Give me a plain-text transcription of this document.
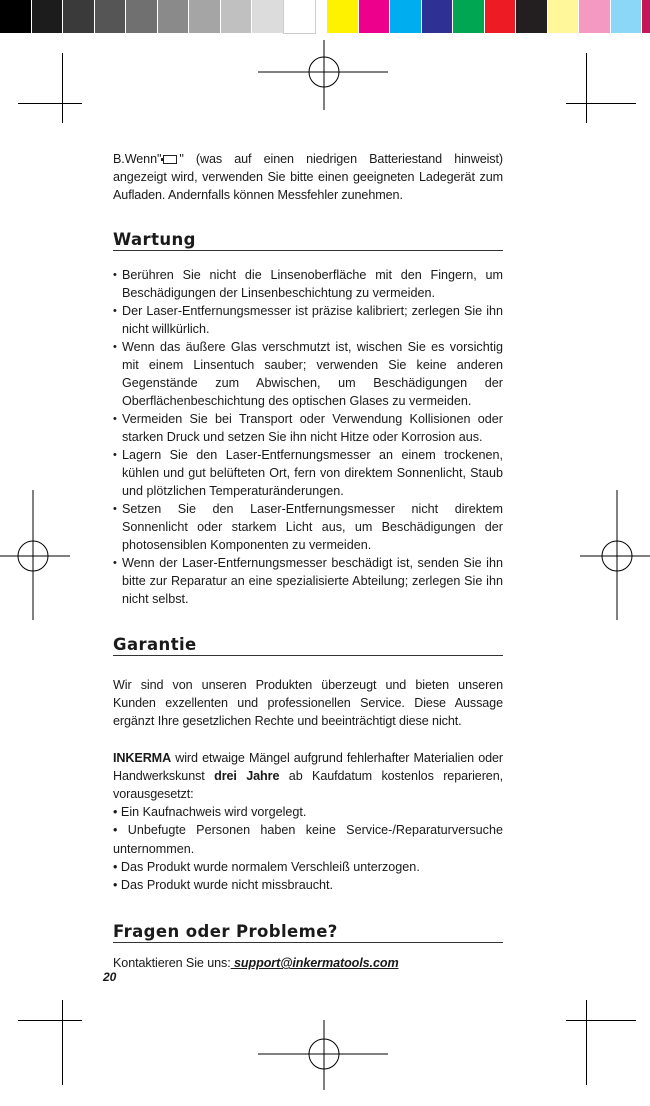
B.Wenn" " (was auf einen niedrigen Batteriestand hinweist) angezeigt wird, verwenden Sie bitte einen geeigneten Ladegerät zum Aufladen. Andernfalls können Messfehler zunehmen.

Wartung
• Berühren Sie nicht die Linsenoberfläche mit den Fingern, um Beschädigungen der Linsenbeschichtung zu vermeiden.
• Der Laser-Entfernungsmesser ist präzise kalibriert; zerlegen Sie ihn nicht willkürlich.
• Wenn das äußere Glas verschmutzt ist, wischen Sie es vorsichtig mit einem Linsentuch sauber; verwenden Sie keine anderen Gegenstände zum Abwischen, um Beschädigungen der Oberflächenbeschichtung des optischen Glases zu vermeiden.
• Vermeiden Sie bei Transport oder Verwendung Kollisionen oder starken Druck und setzen Sie ihn nicht Hitze oder Korrosion aus.
• Lagern Sie den Laser-Entfernungsmesser an einem trockenen, kühlen und gut belüfteten Ort, fern von direktem Sonnenlicht, Staub und plötzlichen Temperaturänderungen.
• Setzen Sie den Laser-Entfernungsmesser nicht direktem Sonnenlicht oder starkem Licht aus, um Beschädigungen der photosensiblen Komponenten zu vermeiden.
• Wenn der Laser-Entfernungsmesser beschädigt ist, senden Sie ihn bitte zur Reparatur an eine spezialisierte Abteilung; zerlegen Sie ihn nicht selbst.
Garantie

Wir sind von unseren Produkten überzeugt und bieten unseren Kunden exzellenten und professionellen Service. Diese Aussage ergänzt Ihre gesetzlichen Rechte und beeinträchtigt diese nicht.

INKERMA wird etwaige Mängel aufgrund fehlerhafter Materialien oder Handwerkskunst drei Jahre ab Kaufdatum kostenlos reparieren, vorausgesetzt:

• Ein Kaufnachweis wird vorgelegt.
• Unbefugte Personen haben keine Service-/Reparaturversuche unternommen.
• Das Produkt wurde normalem Verschleiß unterzogen.
• Das Produkt wurde nicht missbraucht.
Fragen oder Probleme?

Kontaktieren Sie uns: support@inkermatools.com

20
